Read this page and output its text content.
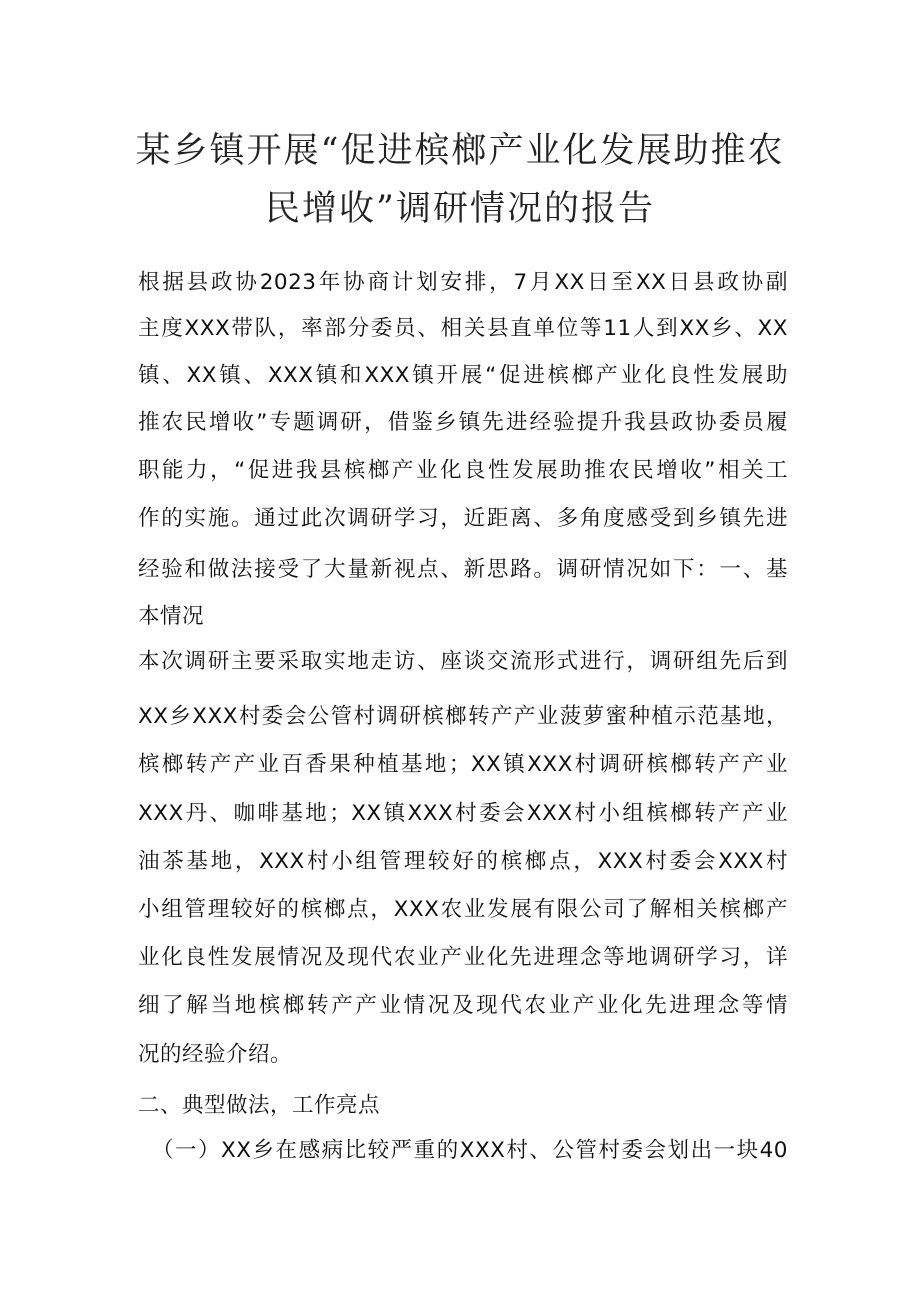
某乡镇开展“促进槟榔产业化发展助推农
民增收”调研情况的报告
根据县政协2023年协商计划安排，7月XX日至XX日县政协副
主度XXX带队，率部分委员、相关县直单位等11人到XX乡、XX
镇、XX镇、XXX镇和XXX镇开展“促进槟榔产业化良性发展助
推农民增收”专题调研，借鉴乡镇先进经验提升我县政协委员履
职能力，“促进我县槟榔产业化良性发展助推农民增收”相关工
作的实施。通过此次调研学习，近距离、多角度感受到乡镇先进
经验和做法接受了大量新视点、新思路。调研情况如下：一、基
本情况
本次调研主要采取实地走访、座谈交流形式进行，调研组先后到
XX乡XXX村委会公管村调研槟榔转产产业菠萝蜜种植示范基地，
槟榔转产产业百香果种植基地；XX镇XXX村调研槟榔转产产业
XXX丹、咖啡基地；XX镇XXX村委会XXX村小组槟榔转产产业
油茶基地，XXX村小组管理较好的槟榔点，XXX村委会XXX村
小组管理较好的槟榔点，XXX农业发展有限公司了解相关槟榔产
业化良性发展情况及现代农业产业化先进理念等地调研学习，详
细了解当地槟榔转产产业情况及现代农业产业化先进理念等情
况的经验介绍。
二、典型做法，工作亮点
（一）XX乡在感病比较严重的XXX村、公管村委会划出一块40
